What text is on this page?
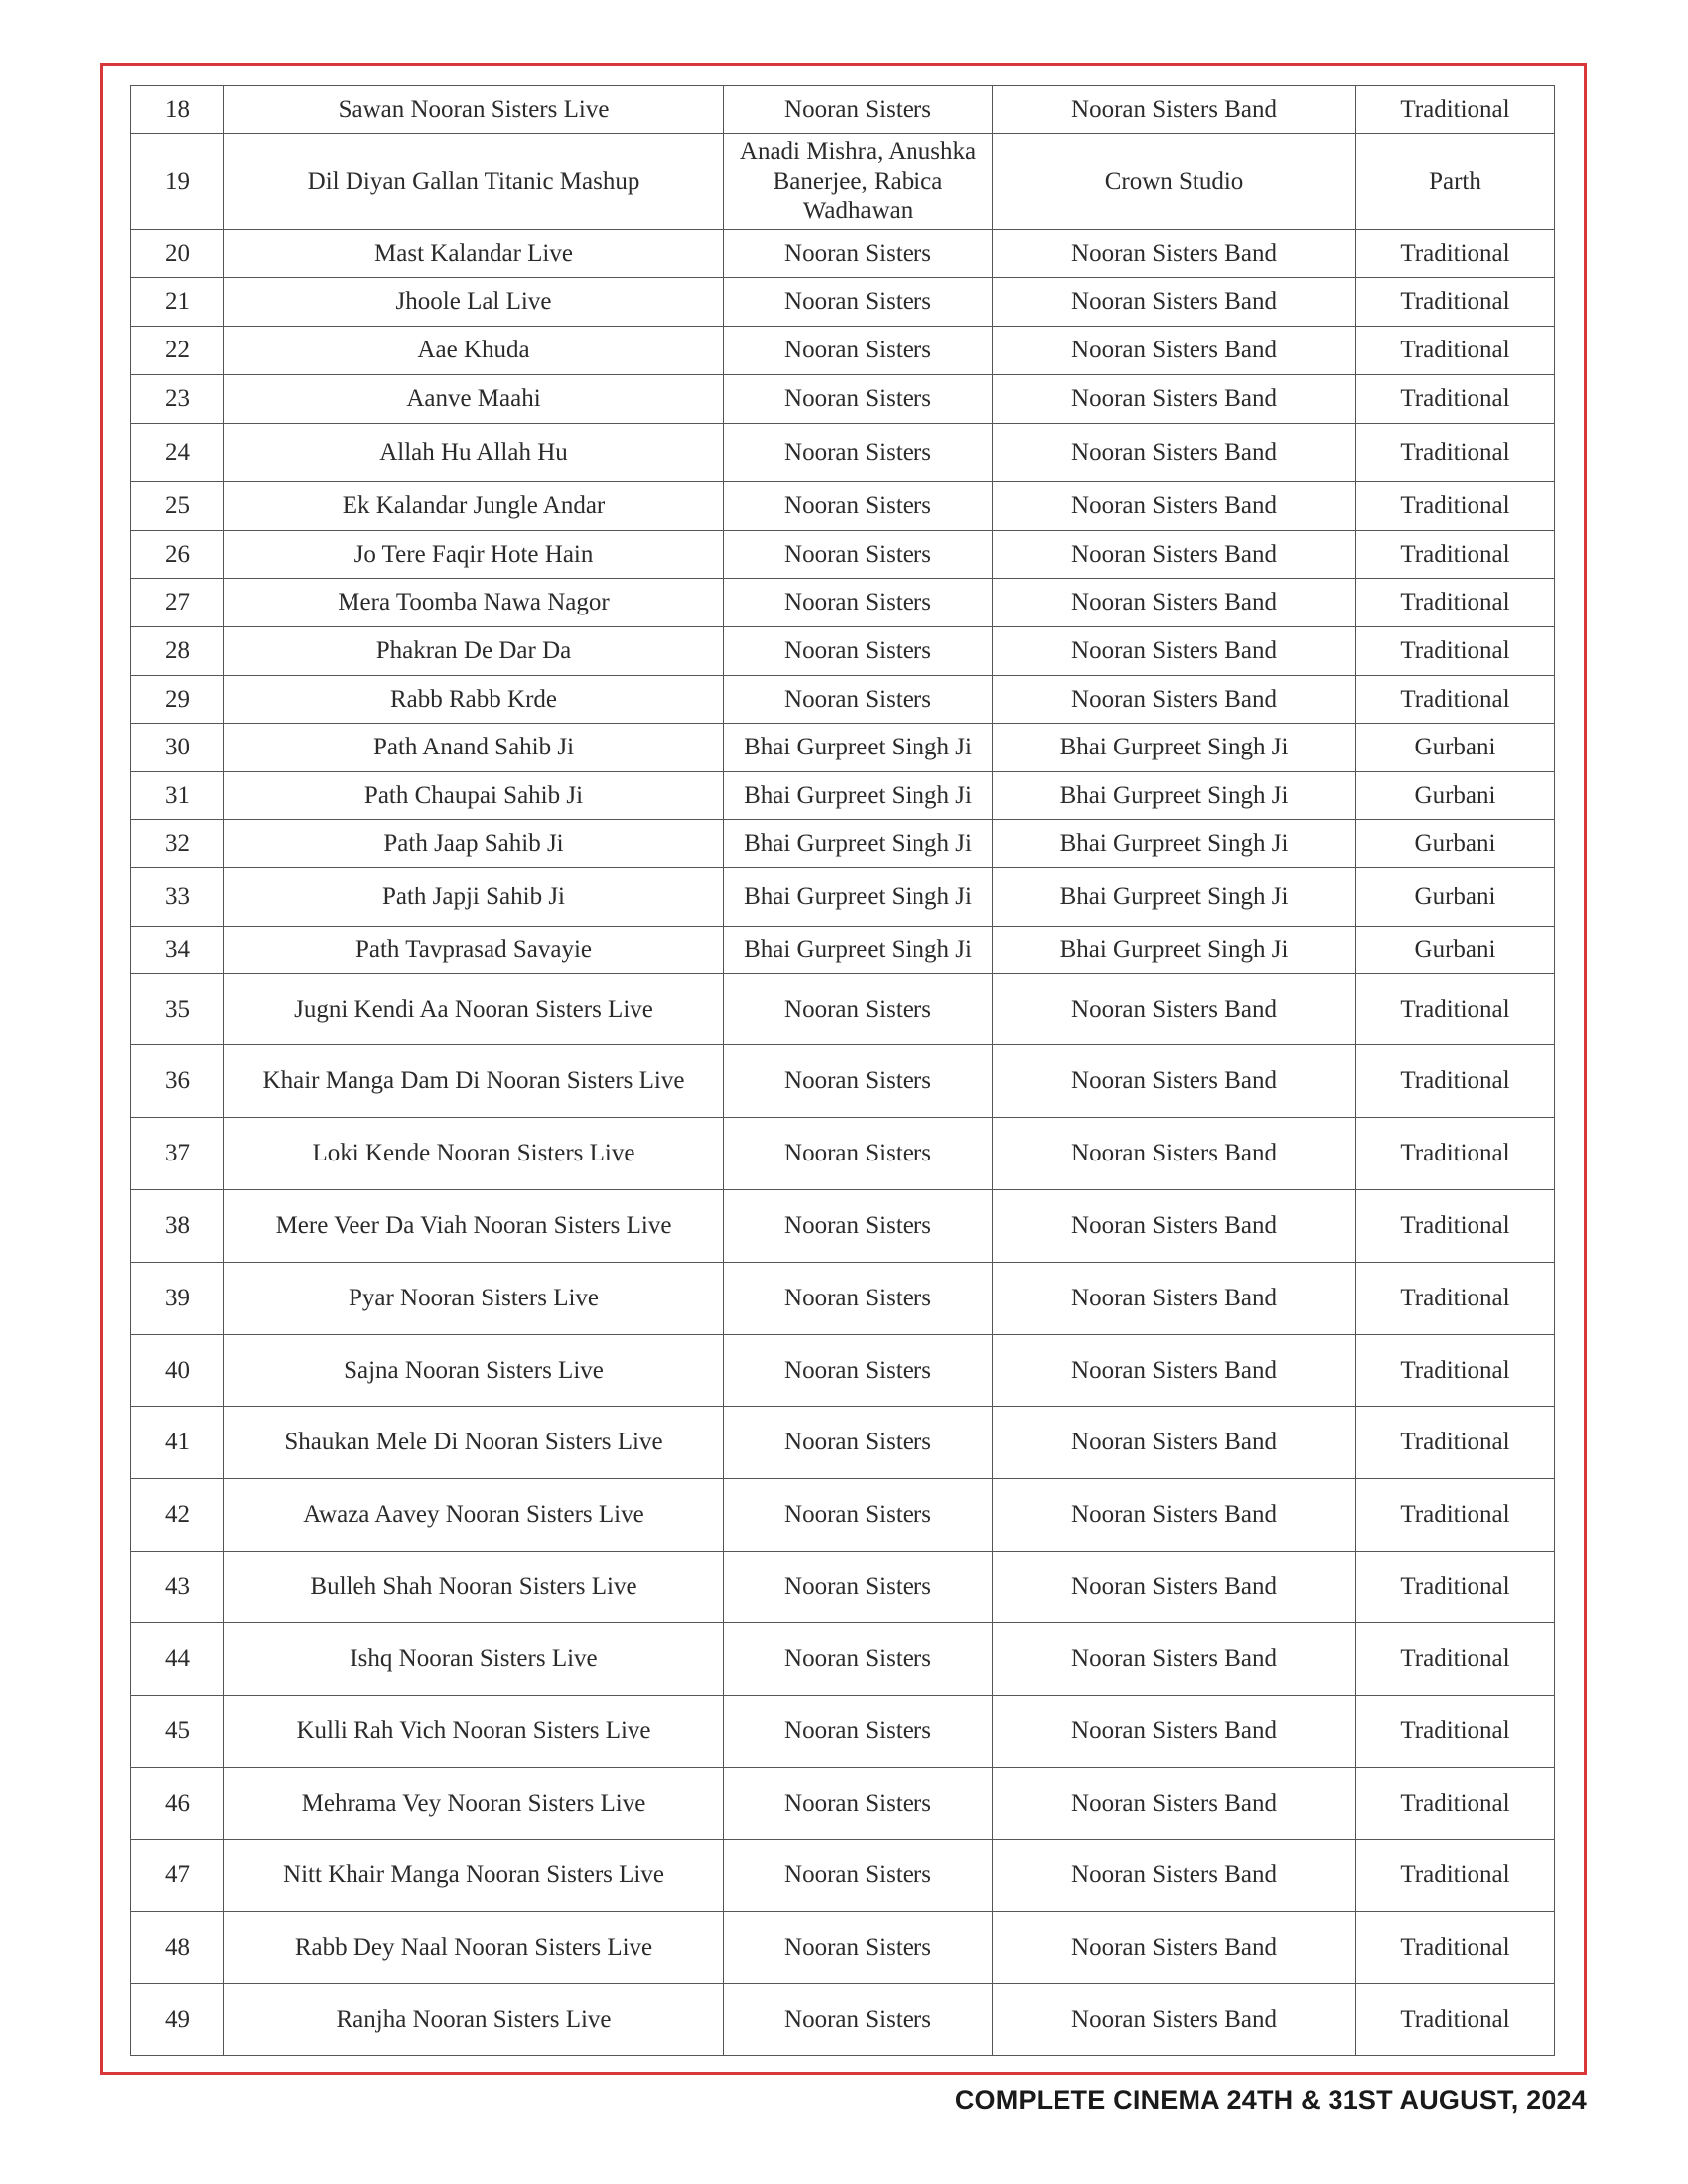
18	Sawan Nooran Sisters Live	Nooran Sisters	Nooran Sisters Band	Traditional
19	Dil Diyan Gallan Titanic Mashup	Anadi Mishra, Anushka Banerjee, Rabica Wadhawan	Crown Studio	Parth
20	Mast Kalandar Live	Nooran Sisters	Nooran Sisters Band	Traditional
21	Jhoole Lal Live	Nooran Sisters	Nooran Sisters Band	Traditional
22	Aae Khuda	Nooran Sisters	Nooran Sisters Band	Traditional
23	Aanve Maahi	Nooran Sisters	Nooran Sisters Band	Traditional
24	Allah Hu Allah Hu	Nooran Sisters	Nooran Sisters Band	Traditional
25	Ek Kalandar Jungle Andar	Nooran Sisters	Nooran Sisters Band	Traditional
26	Jo Tere Faqir Hote Hain	Nooran Sisters	Nooran Sisters Band	Traditional
27	Mera Toomba Nawa Nagor	Nooran Sisters	Nooran Sisters Band	Traditional
28	Phakran De Dar Da	Nooran Sisters	Nooran Sisters Band	Traditional
29	Rabb Rabb Krde	Nooran Sisters	Nooran Sisters Band	Traditional
30	Path Anand Sahib Ji	Bhai Gurpreet Singh Ji	Bhai Gurpreet Singh Ji	Gurbani
31	Path Chaupai Sahib Ji	Bhai Gurpreet Singh Ji	Bhai Gurpreet Singh Ji	Gurbani
32	Path Jaap Sahib Ji	Bhai Gurpreet Singh Ji	Bhai Gurpreet Singh Ji	Gurbani
33	Path Japji Sahib Ji	Bhai Gurpreet Singh Ji	Bhai Gurpreet Singh Ji	Gurbani
34	Path Tavprasad Savayie	Bhai Gurpreet Singh Ji	Bhai Gurpreet Singh Ji	Gurbani
35	Jugni Kendi Aa Nooran Sisters Live	Nooran Sisters	Nooran Sisters Band	Traditional
36	Khair Manga Dam Di Nooran Sisters Live	Nooran Sisters	Nooran Sisters Band	Traditional
37	Loki Kende Nooran Sisters Live	Nooran Sisters	Nooran Sisters Band	Traditional
38	Mere Veer Da Viah Nooran Sisters Live	Nooran Sisters	Nooran Sisters Band	Traditional
39	Pyar Nooran Sisters Live	Nooran Sisters	Nooran Sisters Band	Traditional
40	Sajna Nooran Sisters Live	Nooran Sisters	Nooran Sisters Band	Traditional
41	Shaukan Mele Di Nooran Sisters Live	Nooran Sisters	Nooran Sisters Band	Traditional
42	Awaza Aavey Nooran Sisters Live	Nooran Sisters	Nooran Sisters Band	Traditional
43	Bulleh Shah Nooran Sisters Live	Nooran Sisters	Nooran Sisters Band	Traditional
44	Ishq Nooran Sisters Live	Nooran Sisters	Nooran Sisters Band	Traditional
45	Kulli Rah Vich Nooran Sisters Live	Nooran Sisters	Nooran Sisters Band	Traditional
46	Mehrama Vey Nooran Sisters Live	Nooran Sisters	Nooran Sisters Band	Traditional
47	Nitt Khair Manga Nooran Sisters Live	Nooran Sisters	Nooran Sisters Band	Traditional
48	Rabb Dey Naal Nooran Sisters Live	Nooran Sisters	Nooran Sisters Band	Traditional
49	Ranjha Nooran Sisters Live	Nooran Sisters	Nooran Sisters Band	Traditional
COMPLETE CINEMA 24TH & 31ST AUGUST, 2024
